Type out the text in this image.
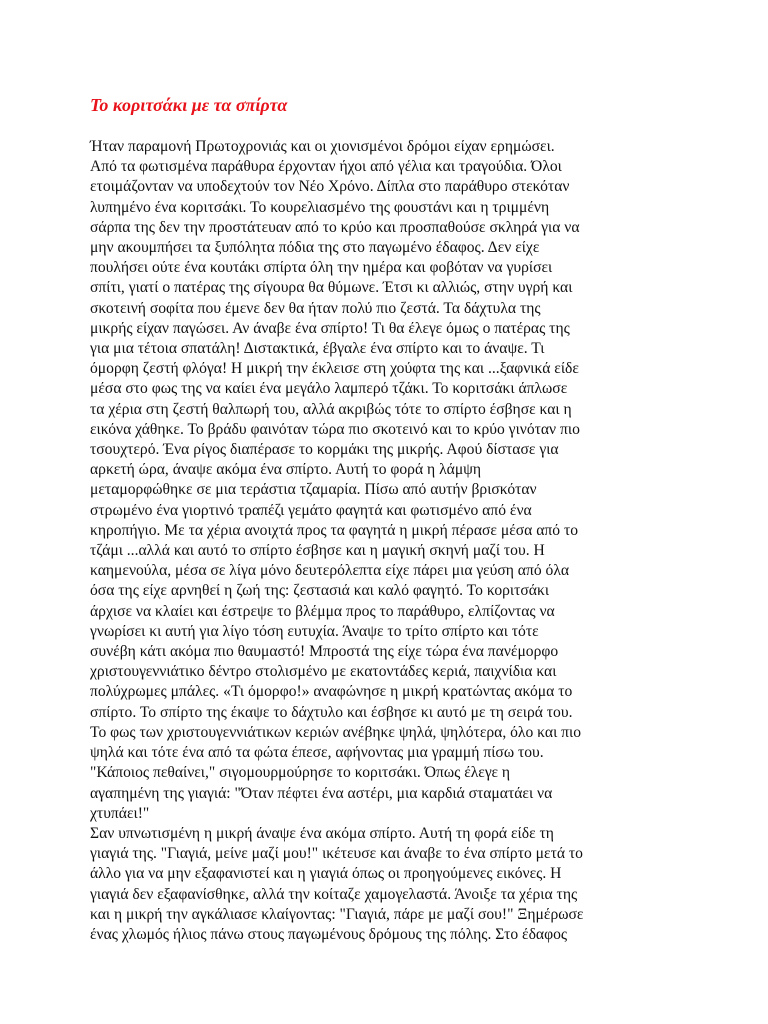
Το κοριτσάκι με τα σπίρτα
Ήταν παραμονή Πρωτοχρονιάς και οι χιονισμένοι δρόμοι είχαν ερημώσει.
Από τα φωτισμένα παράθυρα έρχονταν ήχοι από γέλια και τραγούδια. Όλοι
ετοιμάζονταν να υποδεχτούν τον Νέο Χρόνο. Δίπλα στο παράθυρο στεκόταν
λυπημένο ένα κοριτσάκι. Το κουρελιασμένο της φουστάνι και η τριμμένη
σάρπα της δεν την προστάτευαν από το κρύο και προσπαθούσε σκληρά για να
μην ακουμπήσει τα ξυπόλητα πόδια της στο παγωμένο έδαφος. Δεν είχε
πουλήσει ούτε ένα κουτάκι σπίρτα όλη την ημέρα και φοβόταν να γυρίσει
σπίτι, γιατί ο πατέρας της σίγουρα θα θύμωνε. Έτσι κι αλλιώς, στην υγρή και
σκοτεινή σοφίτα που έμενε δεν θα ήταν πολύ πιο ζεστά. Τα δάχτυλα της
μικρής είχαν παγώσει. Αν άναβε ένα σπίρτο! Τι θα έλεγε όμως ο πατέρας της
για μια τέτοια σπατάλη! Διστακτικά, έβγαλε ένα σπίρτο και το άναψε. Τι
όμορφη ζεστή φλόγα! Η μικρή την έκλεισε στη χούφτα της και ...ξαφνικά είδε
μέσα στο φως της να καίει ένα μεγάλο λαμπερό τζάκι. Το κοριτσάκι άπλωσε
τα χέρια στη ζεστή θαλπωρή του, αλλά ακριβώς τότε το σπίρτο έσβησε και η
εικόνα χάθηκε. Το βράδυ φαινόταν τώρα πιο σκοτεινό και το κρύο γινόταν πιο
τσουχτερό. Ένα ρίγος διαπέρασε το κορμάκι της μικρής. Αφού δίστασε για
αρκετή ώρα, άναψε ακόμα ένα σπίρτο. Αυτή το φορά η λάμψη
μεταμορφώθηκε σε μια τεράστια τζαμαρία. Πίσω από αυτήν βρισκόταν
στρωμένο ένα γιορτινό τραπέζι γεμάτο φαγητά και φωτισμένο από ένα
κηροπήγιο. Με τα χέρια ανοιχτά προς τα φαγητά η μικρή πέρασε μέσα από το
τζάμι ...αλλά και αυτό το σπίρτο έσβησε και η μαγική σκηνή μαζί του. Η
καημενούλα, μέσα σε λίγα μόνο δευτερόλεπτα είχε πάρει μια γεύση από όλα
όσα της είχε αρνηθεί η ζωή της: ζεστασιά και καλό φαγητό. Το κοριτσάκι
άρχισε να κλαίει και έστρεψε το βλέμμα προς το παράθυρο, ελπίζοντας να
γνωρίσει κι αυτή για λίγο τόση ευτυχία. Άναψε το τρίτο σπίρτο και τότε
συνέβη κάτι ακόμα πιο θαυμαστό! Μπροστά της είχε τώρα ένα πανέμορφο
χριστουγεννιάτικο δέντρο στολισμένο με εκατοντάδες κεριά, παιχνίδια και
πολύχρωμες μπάλες. «Τι όμορφο!» αναφώνησε η μικρή κρατώντας ακόμα το
σπίρτο. Το σπίρτο της έκαψε το δάχτυλο και έσβησε κι αυτό με τη σειρά του.
Το φως των χριστουγεννιάτικων κεριών ανέβηκε ψηλά, ψηλότερα, όλο και πιο
ψηλά και τότε ένα από τα φώτα έπεσε, αφήνοντας μια γραμμή πίσω του.
"Κάποιος πεθαίνει," σιγομουρμούρησε το κοριτσάκι. Όπως έλεγε η
αγαπημένη της γιαγιά: "Όταν πέφτει ένα αστέρι, μια καρδιά σταματάει να
χτυπάει!"
Σαν υπνωτισμένη η μικρή άναψε ένα ακόμα σπίρτο. Αυτή τη φορά είδε τη
γιαγιά της. "Γιαγιά, μείνε μαζί μου!" ικέτευσε και άναβε το ένα σπίρτο μετά το
άλλο για να μην εξαφανιστεί και η γιαγιά όπως οι προηγούμενες εικόνες. Η
γιαγιά δεν εξαφανίσθηκε, αλλά την κοίταζε χαμογελαστά. Άνοιξε τα χέρια της
και η μικρή την αγκάλιασε κλαίγοντας: "Γιαγιά, πάρε με μαζί σου!" Ξημέρωσε
ένας χλωμός ήλιος πάνω στους παγωμένους δρόμους της πόλης. Στο έδαφος
